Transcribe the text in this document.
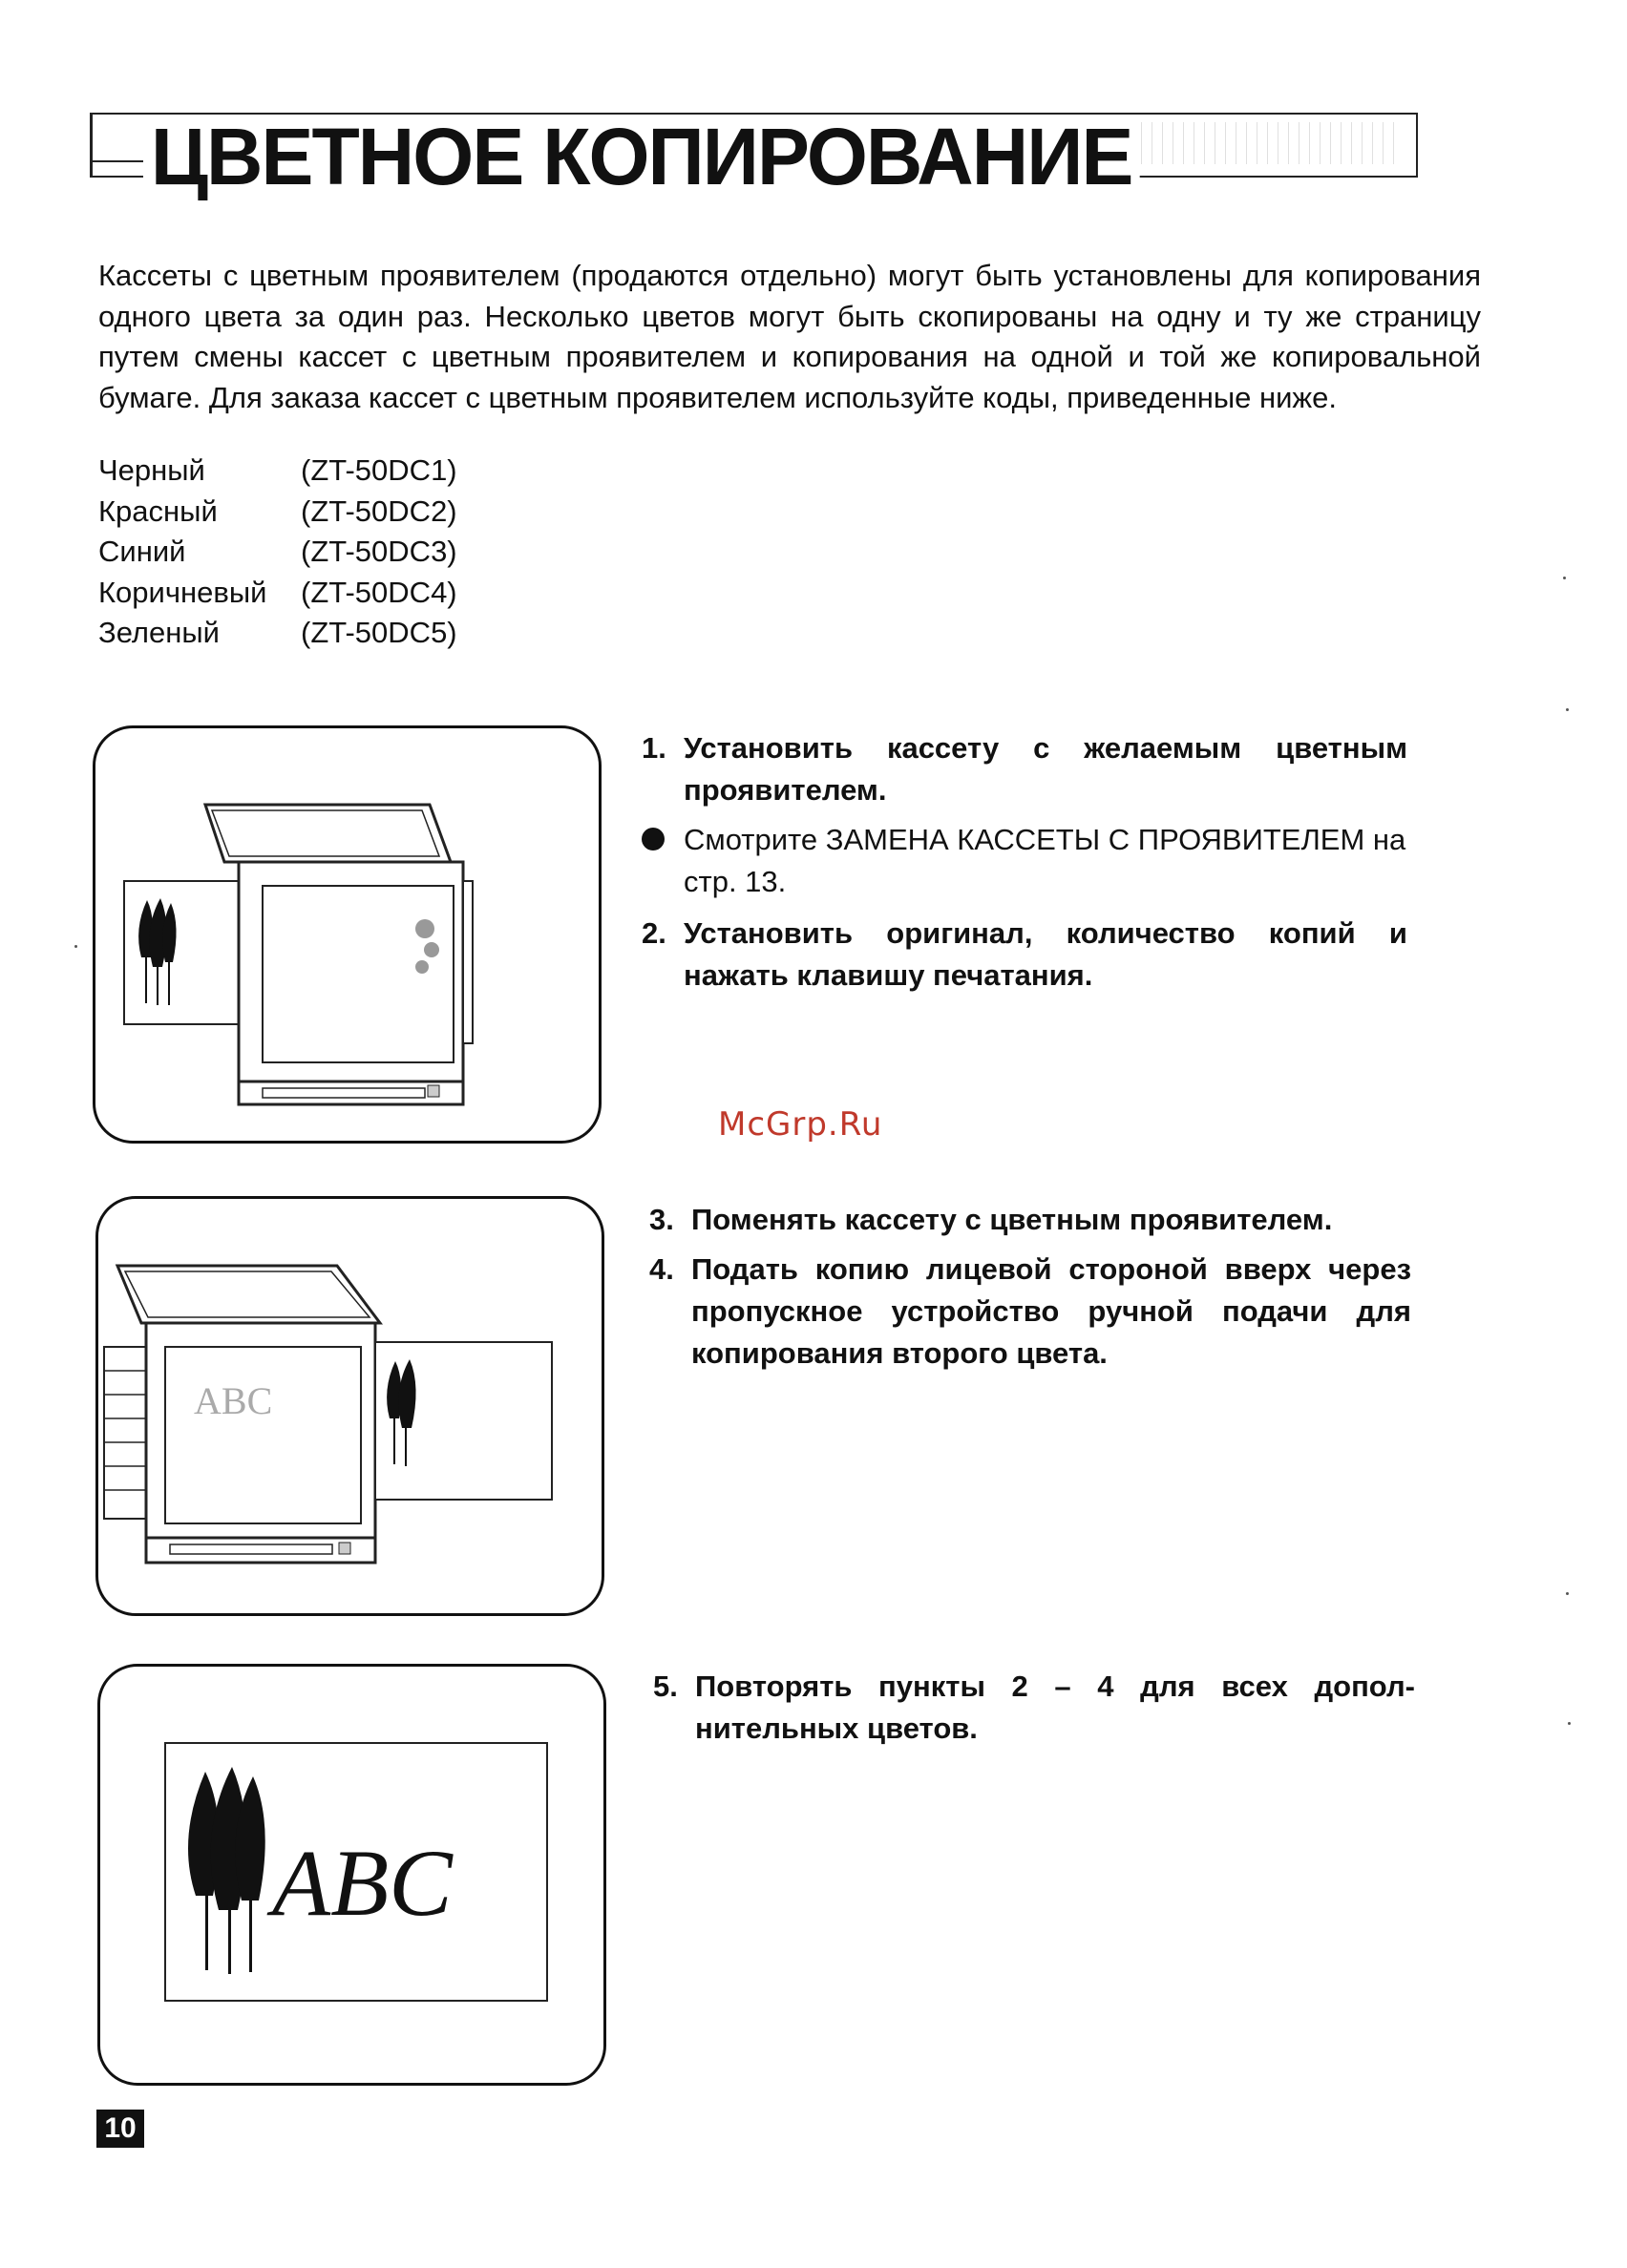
ЦВЕТНОЕ КОПИРОВАНИЕ
Кассеты с цветным проявителем (продаются отдельно) могут быть установлены для копирования одного цвета за один раз. Несколько цветов могут быть скопированы на одну и ту же страницу путем смены кассет с цветным проявителем и копирования на одной и той же копировальной бумаге. Для заказа кассет с цветным проявителем используйте коды, приведенные ниже.
Черный	(ZT-50DC1)
Красный	(ZT-50DC2)
Синий	(ZT-50DC3)
Коричневый	(ZT-50DC4)
Зеленый	(ZT-50DC5)
ABC
ABC
1. Установить кассету с желаемым цветным проявителем.
Смотрите ЗАМЕНА КАССЕТЫ С ПРОЯВИТЕЛЕМ на стр. 13.
2. Установить оригинал, количество копий и нажать клавишу печатания.
McGrp.Ru
3. Поменять кассету с цветным проявителем.
4. Подать копию лицевой стороной вверх через пропускное устройство ручной подачи для копирования второго цвета.
5. Повторять пункты 2 – 4 для всех дополнительных цветов.
10
